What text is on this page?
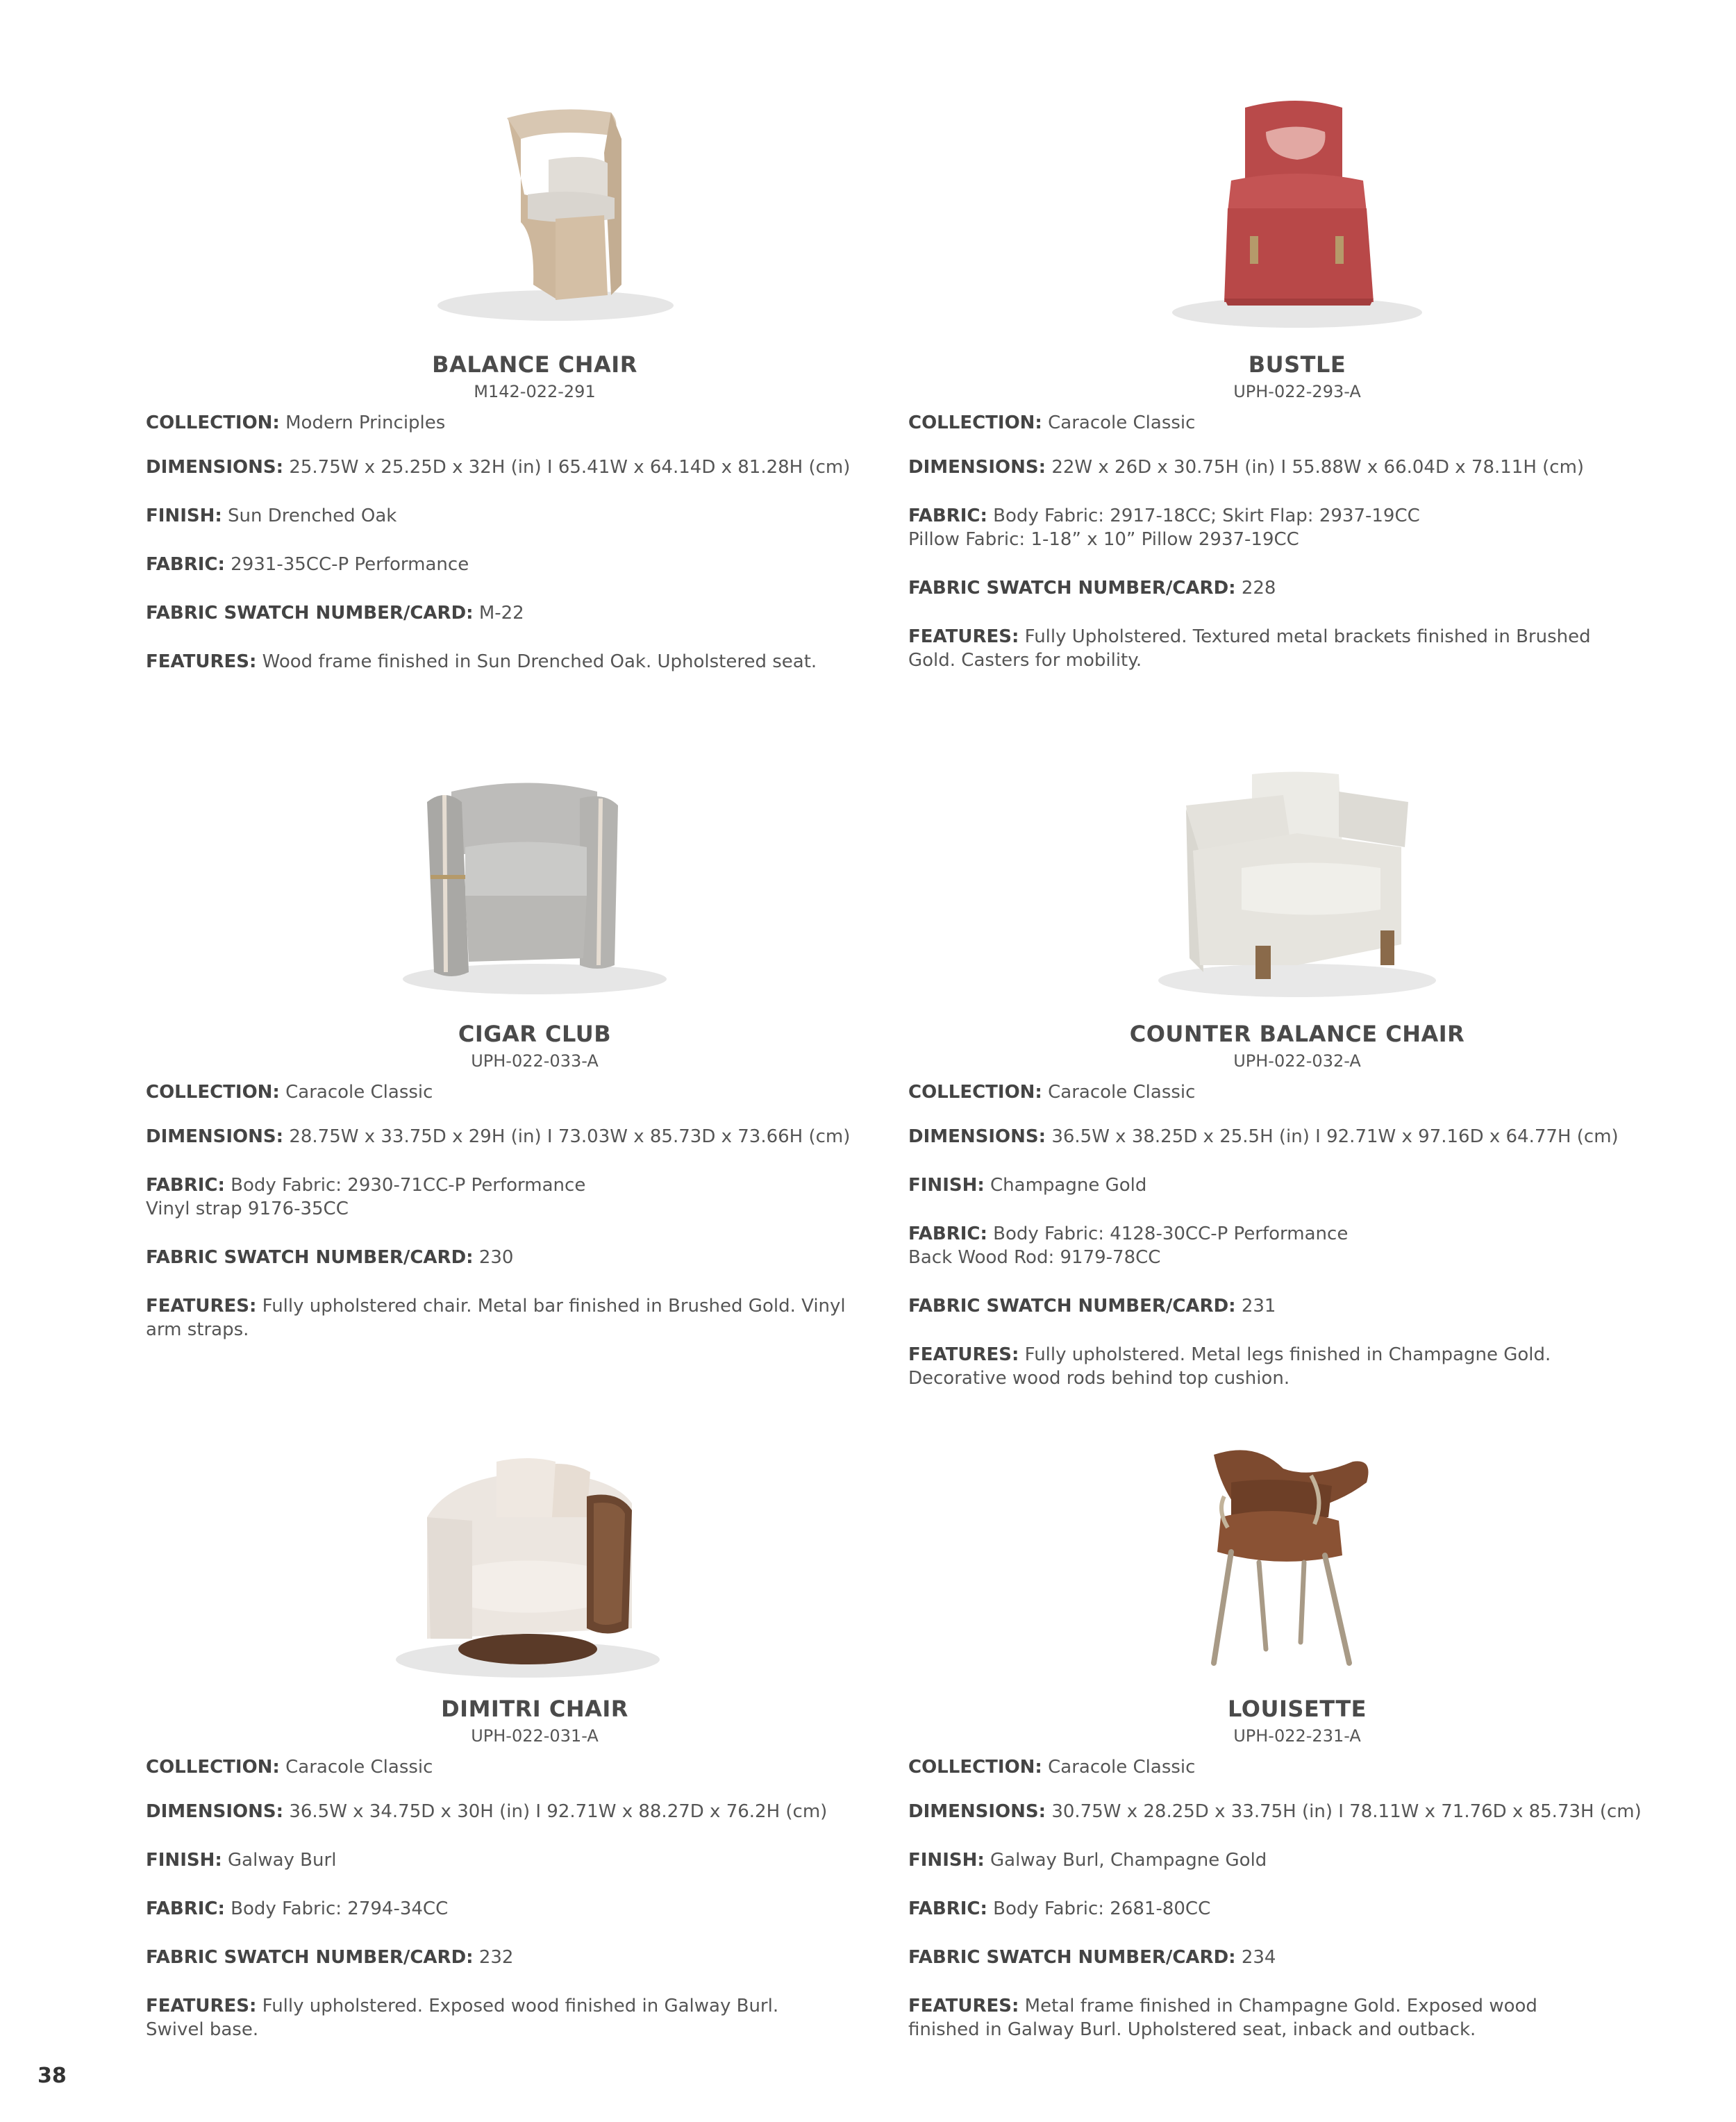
BALANCE CHAIR
M142-022-291

COLLECTION: Modern Principles

DIMENSIONS: 25.75W x 25.25D x 32H (in) I 65.41W x 64.14D x 81.28H (cm)

FINISH: Sun Drenched Oak

FABRIC: 2931-35CC-P Performance

FABRIC SWATCH NUMBER/CARD: M-22

FEATURES: Wood frame finished in Sun Drenched Oak. Upholstered seat.

BUSTLE
UPH-022-293-A

COLLECTION: Caracole Classic

DIMENSIONS: 22W x 26D x 30.75H (in) I 55.88W x 66.04D x 78.11H (cm)

FABRIC: Body Fabric: 2917-18CC; Skirt Flap: 2937-19CC
Pillow Fabric: 1-18” x 10” Pillow 2937-19CC

FABRIC SWATCH NUMBER/CARD: 228

FEATURES: Fully Upholstered. Textured metal brackets finished in Brushed
Gold. Casters for mobility.

CIGAR CLUB
UPH-022-033-A

COLLECTION: Caracole Classic

DIMENSIONS: 28.75W x 33.75D x 29H (in) I 73.03W x 85.73D x 73.66H (cm)

FABRIC: Body Fabric: 2930-71CC-P Performance
Vinyl strap 9176-35CC

FABRIC SWATCH NUMBER/CARD: 230

FEATURES: Fully upholstered chair. Metal bar finished in Brushed Gold. Vinyl
arm straps.

COUNTER BALANCE CHAIR
UPH-022-032-A

COLLECTION: Caracole Classic

DIMENSIONS: 36.5W x 38.25D x 25.5H (in) I 92.71W x 97.16D x 64.77H (cm)

FINISH: Champagne Gold

FABRIC: Body Fabric: 4128-30CC-P Performance
Back Wood Rod: 9179-78CC

FABRIC SWATCH NUMBER/CARD: 231

FEATURES: Fully upholstered. Metal legs finished in Champagne Gold.
Decorative wood rods behind top cushion.

DIMITRI CHAIR
UPH-022-031-A

COLLECTION: Caracole Classic

DIMENSIONS: 36.5W x 34.75D x 30H (in) I 92.71W x 88.27D x 76.2H (cm)

FINISH: Galway Burl

FABRIC: Body Fabric: 2794-34CC

FABRIC SWATCH NUMBER/CARD: 232

FEATURES: Fully upholstered. Exposed wood finished in Galway Burl.
Swivel base.

LOUISETTE
UPH-022-231-A

COLLECTION: Caracole Classic

DIMENSIONS: 30.75W x 28.25D x 33.75H (in) I 78.11W x 71.76D x 85.73H (cm)

FINISH: Galway Burl, Champagne Gold

FABRIC: Body Fabric: 2681-80CC

FABRIC SWATCH NUMBER/CARD: 234

FEATURES: Metal frame finished in Champagne Gold. Exposed wood
finished in Galway Burl. Upholstered seat, inback and outback.

38
